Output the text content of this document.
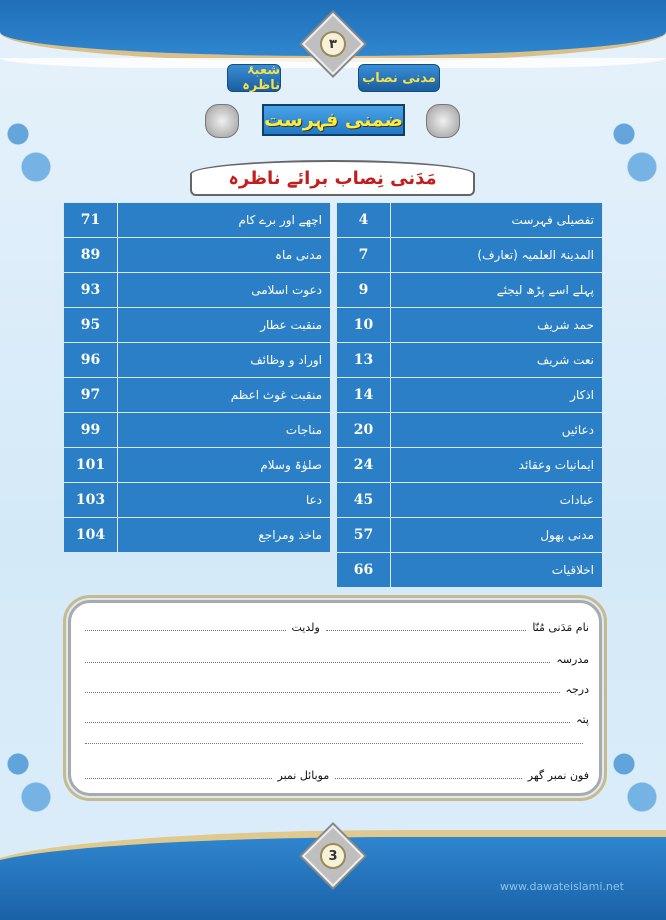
٣
شعبۂ ناظرہ	مدنی نصاب
ضمنی فہرست
مَدَنی نِصاب برائے ناظرہ
71	اچھے اور برے کام
89	مدنی ماہ
93	دعوت اسلامی
95	منقبت عطار
96	اوراد و وظائف
97	منقبت غوث اعظم
99	مناجات
101	صلوٰۃ وسلام
103	دعا
104	ماخذ ومراجع
4	تفصیلی فہرست
7	المدینۃ العلمیہ (تعارف)
9	پہلے اسے پڑھ لیجئے
10	حمد شریف
13	نعت شریف
14	اذکار
20	دعائیں
24	ایمانیات وعقائد
45	عبادات
57	مدنی پھول
66	اخلاقیات
نام مَدَنی مُنّا
ولدیت
مدرسہ
درجہ
پتہ
فون نمبر گھر
موبائل نمبر
3
www.dawateislami.net
